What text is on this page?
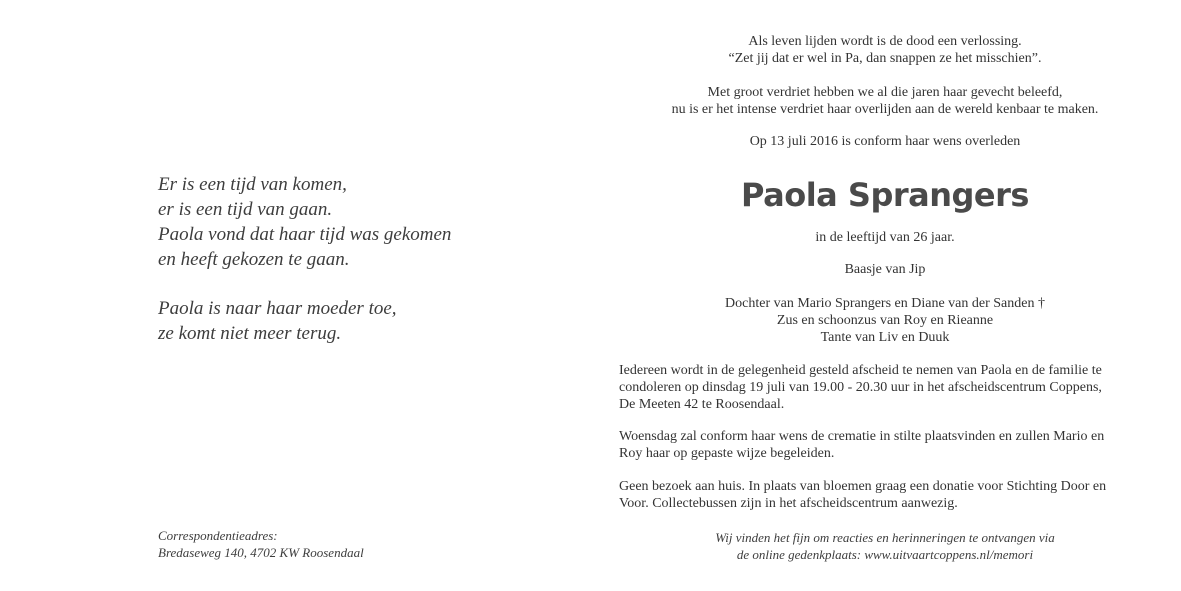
Er is een tijd van komen,
er is een tijd van gaan.
Paola vond dat haar tijd was gekomen
en heeft gekozen te gaan.
Paola is naar haar moeder toe,
ze komt niet meer terug.
Correspondentieadres:
Bredaseweg 140, 4702 KW Roosendaal
Als leven lijden wordt is de dood een verlossing.
“Zet jij dat er wel in Pa, dan snappen ze het misschien”.
Met groot verdriet hebben we al die jaren haar gevecht beleefd,
nu is er het intense verdriet haar overlijden aan de wereld kenbaar te maken.
Op 13 juli 2016 is conform haar wens overleden
Paola Sprangers
in de leeftijd van 26 jaar.
Baasje van Jip
Dochter van Mario Sprangers en Diane van der Sanden †
Zus en schoonzus van Roy en Rieanne
Tante van Liv en Duuk
Iedereen wordt in de gelegenheid gesteld afscheid te nemen van Paola en de familie te
condoleren op dinsdag 19 juli van 19.00 - 20.30 uur in het afscheidscentrum Coppens,
De Meeten 42 te Roosendaal.
Woensdag zal conform haar wens de crematie in stilte plaatsvinden en zullen Mario en
Roy haar op gepaste wijze begeleiden.
Geen bezoek aan huis. In plaats van bloemen graag een donatie voor Stichting Door en
Voor. Collectebussen zijn in het afscheidscentrum aanwezig.
Wij vinden het fijn om reacties en herinneringen te ontvangen via
de online gedenkplaats: www.uitvaartcoppens.nl/memori
